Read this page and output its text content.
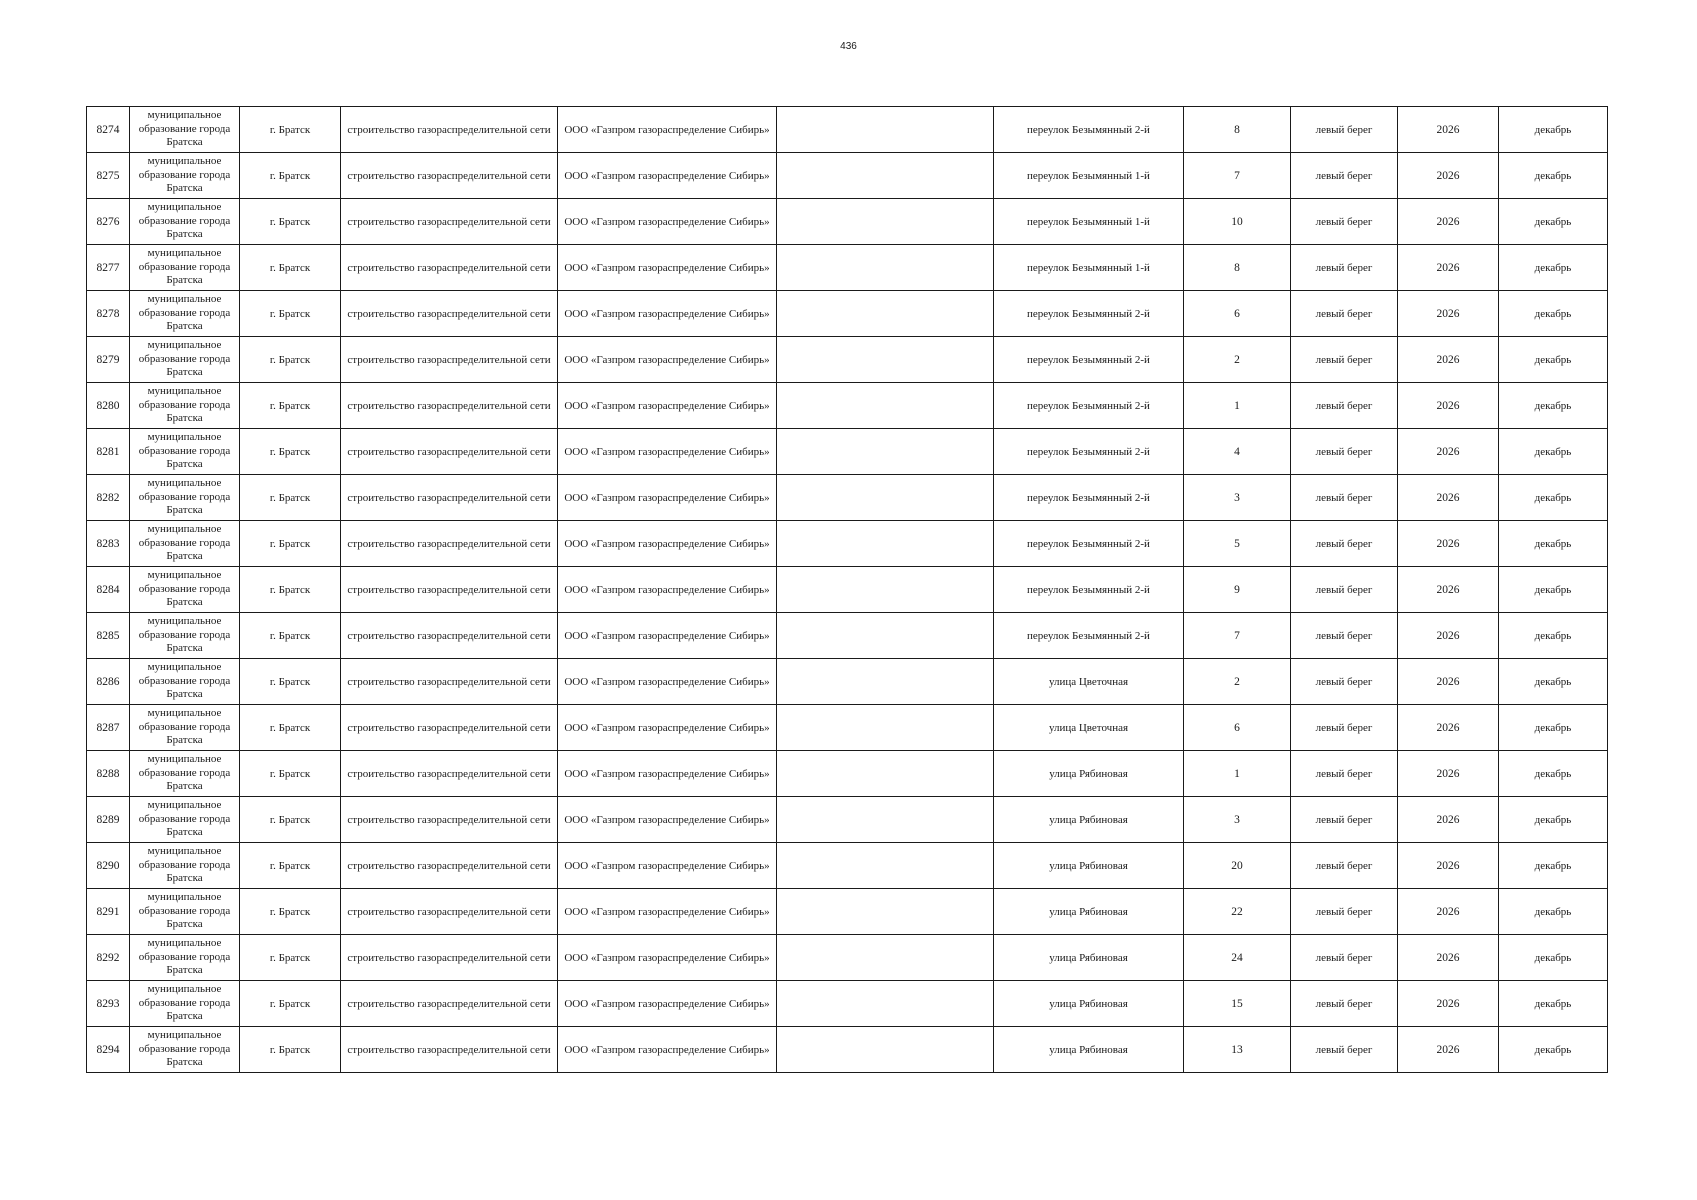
436
8274	муниципальное образование города Братска	г. Братск	строительство газораспределительной сети	ООО «Газпром газораспределение Сибирь»		переулок Безымянный 2-й	8	левый берег	2026	декабрь
8275	муниципальное образование города Братска	г. Братск	строительство газораспределительной сети	ООО «Газпром газораспределение Сибирь»		переулок Безымянный 1-й	7	левый берег	2026	декабрь
8276	муниципальное образование города Братска	г. Братск	строительство газораспределительной сети	ООО «Газпром газораспределение Сибирь»		переулок Безымянный 1-й	10	левый берег	2026	декабрь
8277	муниципальное образование города Братска	г. Братск	строительство газораспределительной сети	ООО «Газпром газораспределение Сибирь»		переулок Безымянный 1-й	8	левый берег	2026	декабрь
8278	муниципальное образование города Братска	г. Братск	строительство газораспределительной сети	ООО «Газпром газораспределение Сибирь»		переулок Безымянный 2-й	6	левый берег	2026	декабрь
8279	муниципальное образование города Братска	г. Братск	строительство газораспределительной сети	ООО «Газпром газораспределение Сибирь»		переулок Безымянный 2-й	2	левый берег	2026	декабрь
8280	муниципальное образование города Братска	г. Братск	строительство газораспределительной сети	ООО «Газпром газораспределение Сибирь»		переулок Безымянный 2-й	1	левый берег	2026	декабрь
8281	муниципальное образование города Братска	г. Братск	строительство газораспределительной сети	ООО «Газпром газораспределение Сибирь»		переулок Безымянный 2-й	4	левый берег	2026	декабрь
8282	муниципальное образование города Братска	г. Братск	строительство газораспределительной сети	ООО «Газпром газораспределение Сибирь»		переулок Безымянный 2-й	3	левый берег	2026	декабрь
8283	муниципальное образование города Братска	г. Братск	строительство газораспределительной сети	ООО «Газпром газораспределение Сибирь»		переулок Безымянный 2-й	5	левый берег	2026	декабрь
8284	муниципальное образование города Братска	г. Братск	строительство газораспределительной сети	ООО «Газпром газораспределение Сибирь»		переулок Безымянный 2-й	9	левый берег	2026	декабрь
8285	муниципальное образование города Братска	г. Братск	строительство газораспределительной сети	ООО «Газпром газораспределение Сибирь»		переулок Безымянный 2-й	7	левый берег	2026	декабрь
8286	муниципальное образование города Братска	г. Братск	строительство газораспределительной сети	ООО «Газпром газораспределение Сибирь»		улица Цветочная	2	левый берег	2026	декабрь
8287	муниципальное образование города Братска	г. Братск	строительство газораспределительной сети	ООО «Газпром газораспределение Сибирь»		улица Цветочная	6	левый берег	2026	декабрь
8288	муниципальное образование города Братска	г. Братск	строительство газораспределительной сети	ООО «Газпром газораспределение Сибирь»		улица Рябиновая	1	левый берег	2026	декабрь
8289	муниципальное образование города Братска	г. Братск	строительство газораспределительной сети	ООО «Газпром газораспределение Сибирь»		улица Рябиновая	3	левый берег	2026	декабрь
8290	муниципальное образование города Братска	г. Братск	строительство газораспределительной сети	ООО «Газпром газораспределение Сибирь»		улица Рябиновая	20	левый берег	2026	декабрь
8291	муниципальное образование города Братска	г. Братск	строительство газораспределительной сети	ООО «Газпром газораспределение Сибирь»		улица Рябиновая	22	левый берег	2026	декабрь
8292	муниципальное образование города Братска	г. Братск	строительство газораспределительной сети	ООО «Газпром газораспределение Сибирь»		улица Рябиновая	24	левый берег	2026	декабрь
8293	муниципальное образование города Братска	г. Братск	строительство газораспределительной сети	ООО «Газпром газораспределение Сибирь»		улица Рябиновая	15	левый берег	2026	декабрь
8294	муниципальное образование города Братска	г. Братск	строительство газораспределительной сети	ООО «Газпром газораспределение Сибирь»		улица Рябиновая	13	левый берег	2026	декабрь
